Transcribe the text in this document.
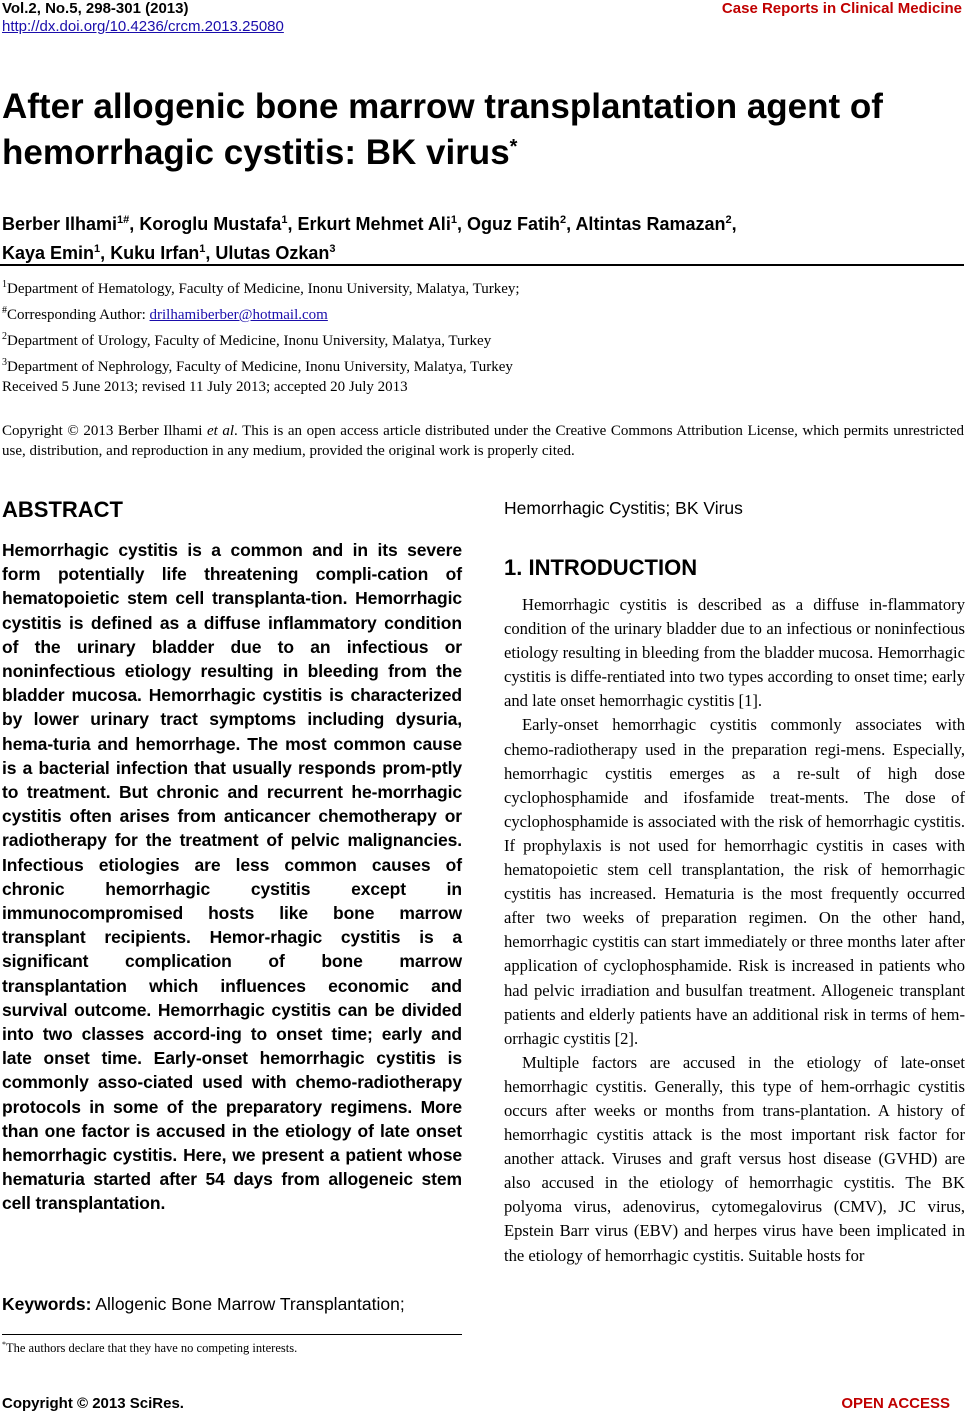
Vol.2, No.5, 298-301 (2013)
http://dx.doi.org/10.4236/crcm.2013.25080
Case Reports in Clinical Medicine
After allogenic bone marrow transplantation agent of hemorrhagic cystitis: BK virus*
Berber Ilhami$^{1\#}$, Koroglu Mustafa$^1$, Erkurt Mehmet Ali$^1$, Oguz Fatih$^2$, Altintas Ramazan$^2$,
Kaya Emin$^1$, Kuku Irfan$^1$, Ulutas Ozkan$^3$
$^1$Department of Hematology, Faculty of Medicine, Inonu University, Malatya, Turkey;
#Corresponding Author: drilhamiberber@hotmail.com
$^2$Department of Urology, Faculty of Medicine, Inonu University, Malatya, Turkey
$^3$Department of Nephrology, Faculty of Medicine, Inonu University, Malatya, Turkey
Received 5 June 2013; revised 11 July 2013; accepted 20 July 2013
Copyright © 2013 Berber Ilhami et al. This is an open access article distributed under the Creative Commons Attribution License, which permits unrestricted use, distribution, and reproduction in any medium, provided the original work is properly cited.
ABSTRACT
Hemorrhagic cystitis is a common and in its severe form potentially life threatening compli-cation of hematopoietic stem cell transplanta-tion. Hemorrhagic cystitis is defined as a diffuse inflammatory condition of the urinary bladder due to an infectious or noninfectious etiology resulting in bleeding from the bladder mucosa. Hemorrhagic cystitis is characterized by lower urinary tract symptoms including dysuria, hema-turia and hemorrhage. The most common cause is a bacterial infection that usually responds prom-ptly to treatment. But chronic and recurrent he-morrhagic cystitis often arises from anticancer chemotherapy or radiotherapy for the treatment of pelvic malignancies. Infectious etiologies are less common causes of chronic hemorrhagic cystitis except in immunocompromised hosts like bone marrow transplant recipients. Hemor-rhagic cystitis is a significant complication of bone marrow transplantation which influences economic and survival outcome. Hemorrhagic cystitis can be divided into two classes accord-ing to onset time; early and late onset time. Early-onset hemorrhagic cystitis is commonly asso-ciated used with chemo-radiotherapy protocols in some of the preparatory regimens. More than one factor is accused in the etiology of late onset hemorrhagic cystitis. Here, we present a patient whose hematuria started after 54 days from allogeneic stem cell transplantation.
Keywords: Allogenic Bone Marrow Transplantation;
*The authors declare that they have no competing interests.
Hemorrhagic Cystitis; BK Virus
1. INTRODUCTION

Hemorrhagic cystitis is described as a diffuse in-flammatory condition of the urinary bladder due to an infectious or noninfectious etiology resulting in bleeding from the bladder mucosa. Hemorrhagic cystitis is diffe-rentiated into two types according to onset time; early and late onset hemorrhagic cystitis [1].

Early-onset hemorrhagic cystitis commonly associates with chemo-radiotherapy used in the preparation regi-mens. Especially, hemorrhagic cystitis emerges as a re-sult of high dose cyclophosphamide and ifosfamide treat-ments. The dose of cyclophosphamide is associated with the risk of hemorrhagic cystitis. If prophylaxis is not used for hemorrhagic cystitis in cases with hematopoietic stem cell transplantation, the risk of hemorrhagic cystitis has increased. Hematuria is the most frequently occurred after two weeks of preparation regimen. On the other hand, hemorrhagic cystitis can start immediately or three months later after application of cyclophosphamide. Risk is increased in patients who had pelvic irradiation and busulfan treatment. Allogeneic transplant patients and elderly patients have an additional risk in terms of hem-orrhagic cystitis [2].

Multiple factors are accused in the etiology of late-onset hemorrhagic cystitis. Generally, this type of hem-orrhagic cystitis occurs after weeks or months from trans-plantation. A history of hemorrhagic cystitis attack is the most important risk factor for another attack. Viruses and graft versus host disease (GVHD) are also accused in the etiology of hemorrhagic cystitis. The BK polyoma virus, adenovirus, cytomegalovirus (CMV), JC virus, Epstein Barr virus (EBV) and herpes virus have been implicated in the etiology of hemorrhagic cystitis. Suitable hosts for

Copyright © 2013 SciRes.	OPEN ACCESS
